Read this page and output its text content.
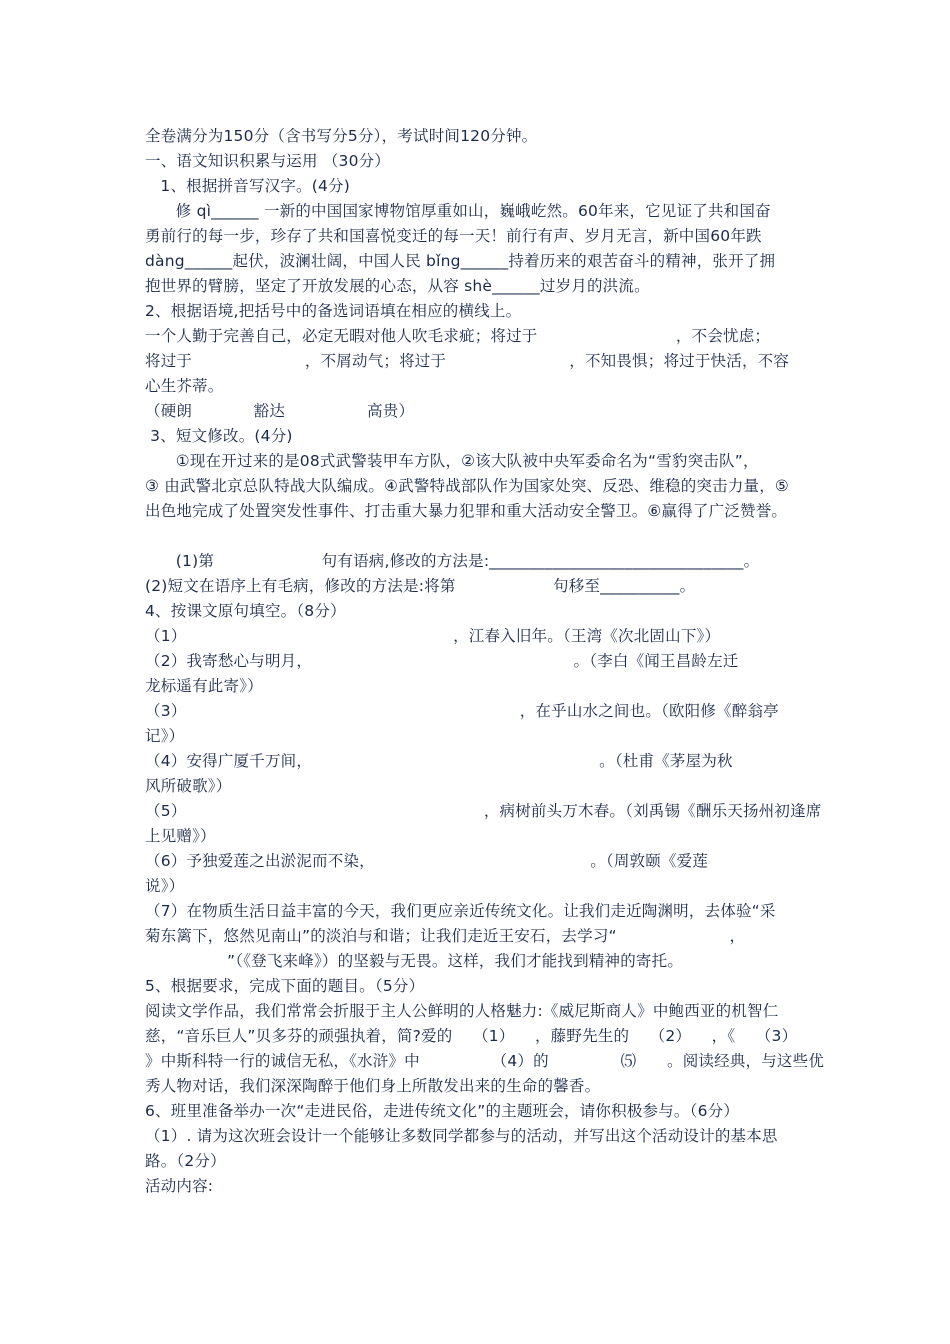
全卷满分为150分（含书写分5分），考试时间120分钟。
一、语文知识积累与运用 （30分）
1、根据拼音写汉字。(4分)
修 qì______ 一新的中国国家博物馆厚重如山，巍峨屹然。60年来，它见证了共和国奋
勇前行的每一步，珍存了共和国喜悦变迁的每一天！前行有声、岁月无言，新中国60年跌
dàng______起伏，波澜壮阔，中国人民 bǐng______持着历来的艰苦奋斗的精神，张开了拥
抱世界的臂膀，坚定了开放发展的心态，从容 shè______过岁月的洪流。
2、根据语境,把括号中的备选词语填在相应的横线上。
一个人勤于完善自己，必定无暇对他人吹毛求疵；将过于                           ，不会忧虑；
将过于                      ，不屑动气；将过于                        ，不知畏惧；将过于快活，不容
心生芥蒂。
（硬朗            豁达                高贵）
3、短文修改。(4分)
①现在开过来的是08式武警装甲车方队，②该大队被中央军委命名为“雪豹突击队”，
③ 由武警北京总队特战大队编成。④武警特战部队作为国家处突、反恐、维稳的突击力量，⑤
出色地完成了处置突发性事件、打击重大暴力犯罪和重大活动安全警卫。⑥赢得了广泛赞誉。
(1)第                     句有语病,修改的方法是:________________________________。
(2)短文在语序上有毛病，修改的方法是:将第                   句移至__________。
4、按课文原句填空。（8分）
（1）                                                    ，江春入旧年。（王湾《次北固山下》）
（2）我寄愁心与明月，                                                   。（李白《闻王昌龄左迁
龙标遥有此寄》）
（3）                                                                 ，在乎山水之间也。（欧阳修《醉翁亭
记》）
（4）安得广厦千万间，                                                        。（杜甫《茅屋为秋
风所破歌》）
（5）                                                          ，病树前头万木春。（刘禹锡《酬乐天扬州初逢席
上见赠》）
（6）予独爱莲之出淤泥而不染，                                          。（周敦颐《爱莲
说》）
（7）在物质生活日益丰富的今天，我们更应亲近传统文化。让我们走近陶渊明，去体验“采
菊东篱下，悠然见南山”的淡泊与和谐；让我们走近王安石，去学习“                      ，
”（《登飞来峰》）的坚毅与无畏。这样，我们才能找到精神的寄托。
5、根据要求，完成下面的题目。（5分）
阅读文学作品，我们常常会折服于主人公鲜明的人格魅力:《威尼斯商人》中鲍西亚的机智仁
慈，“音乐巨人”贝多芬的顽强执着，简?爱的    （1）    ，藤野先生的    （2）    ，《    （3）
》中斯科特一行的诚信无私，《水浒》中              （4）的              ⑸      。阅读经典，与这些优
秀人物对话，我们深深陶醉于他们身上所散发出来的生命的馨香。
6、班里准备举办一次“走进民俗，走进传统文化”的主题班会，请你积极参与。（6分）
（1）. 请为这次班会设计一个能够让多数同学都参与的活动，并写出这个活动设计的基本思
路。（2分）
活动内容:
